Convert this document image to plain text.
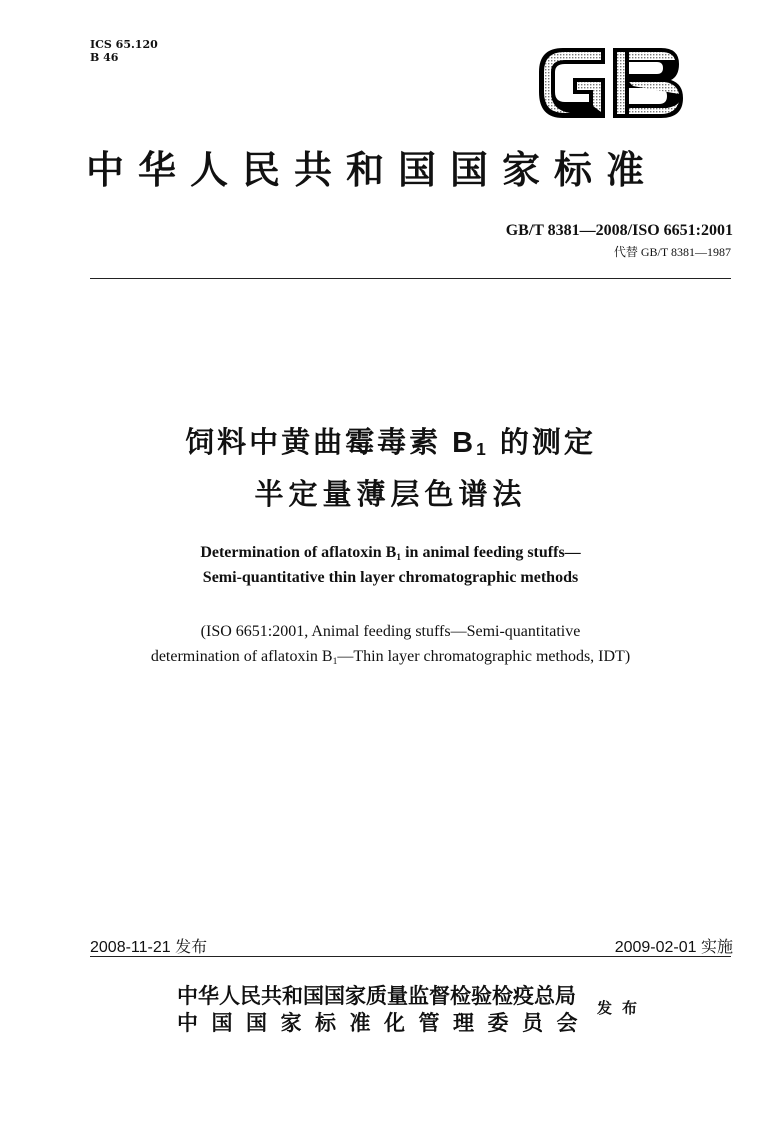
ICS 65.120
B 46
中华人民共和国国家标准
GB/T 8381—2008/ISO 6651:2001
代替 GB/T 8381—1987
饲料中黄曲霉毒素 $B_1$ 的测定
半定量薄层色谱法
Determination of aflatoxin $B_1$ in animal feeding stuffs—
Semi-quantitative thin layer chromatographic methods
(ISO 6651:2001, Animal feeding stuffs—Semi-quantitative
determination of aflatoxin $B_1—Thin$ layer chromatographic methods, IDT)
2008-11-21 发布	2009-02-01 实施
中华人民共和国国家质量监督检验检疫总局
中国国家标准化管理委员会
发布
